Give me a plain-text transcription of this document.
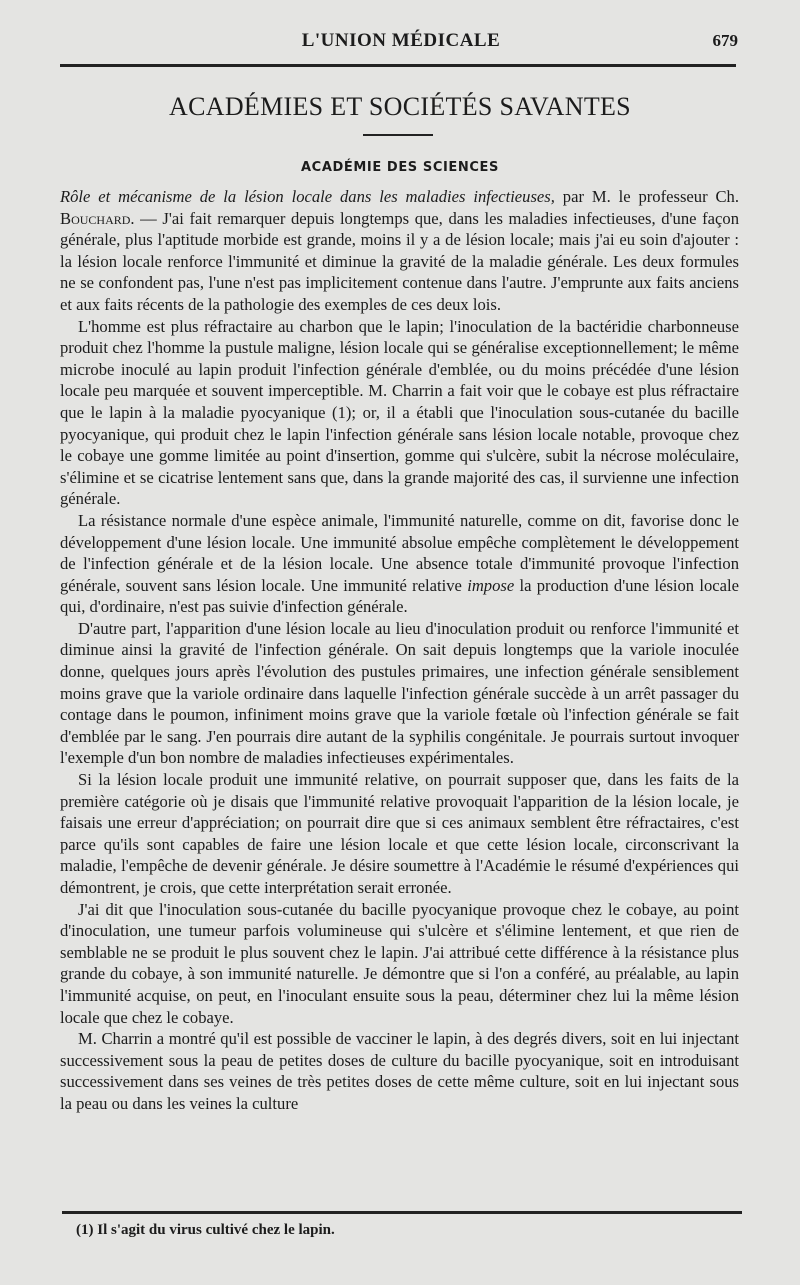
L'UNION MÉDICALE	679
ACADÉMIES ET SOCIÉTÉS SAVANTES
ACADÉMIE DES SCIENCES

Rôle et mécanisme de la lésion locale dans les maladies infectieuses, par M. le professeur Ch. Bouchard. — J'ai fait remarquer depuis longtemps que, dans les maladies infectieuses, d'une façon générale, plus l'aptitude morbide est grande, moins il y a de lésion locale; mais j'ai eu soin d'ajouter : la lésion locale renforce l'immunité et diminue la gravité de la maladie générale. Les deux formules ne se confondent pas, l'une n'est pas implicitement contenue dans l'autre. J'emprunte aux faits anciens et aux faits récents de la pathologie des exemples de ces deux lois.

L'homme est plus réfractaire au charbon que le lapin; l'inoculation de la bactéridie charbonneuse produit chez l'homme la pustule maligne, lésion locale qui se généralise exceptionnellement; le même microbe inoculé au lapin produit l'infection générale d'emblée, ou du moins précédée d'une lésion locale peu marquée et souvent imperceptible. M. Charrin a fait voir que le cobaye est plus réfractaire que le lapin à la maladie pyocyanique (1); or, il a établi que l'inoculation sous-cutanée du bacille pyocyanique, qui produit chez le lapin l'infection générale sans lésion locale notable, provoque chez le cobaye une gomme limitée au point d'insertion, gomme qui s'ulcère, subit la nécrose moléculaire, s'élimine et se cicatrise lentement sans que, dans la grande majorité des cas, il survienne une infection générale.

La résistance normale d'une espèce animale, l'immunité naturelle, comme on dit, favorise donc le développement d'une lésion locale. Une immunité absolue empêche complètement le développement de l'infection générale et de la lésion locale. Une absence totale d'immunité provoque l'infection générale, souvent sans lésion locale. Une immunité relative impose la production d'une lésion locale qui, d'ordinaire, n'est pas suivie d'infection générale.

D'autre part, l'apparition d'une lésion locale au lieu d'inoculation produit ou renforce l'immunité et diminue ainsi la gravité de l'infection générale. On sait depuis longtemps que la variole inoculée donne, quelques jours après l'évolution des pustules primaires, une infection générale sensiblement moins grave que la variole ordinaire dans laquelle l'infection générale succède à un arrêt passager du contage dans le poumon, infiniment moins grave que la variole fœtale où l'infection générale se fait d'emblée par le sang. J'en pourrais dire autant de la syphilis congénitale. Je pourrais surtout invoquer l'exemple d'un bon nombre de maladies infectieuses expérimentales.

Si la lésion locale produit une immunité relative, on pourrait supposer que, dans les faits de la première catégorie où je disais que l'immunité relative provoquait l'apparition de la lésion locale, je faisais une erreur d'appréciation; on pourrait dire que si ces animaux semblent être réfractaires, c'est parce qu'ils sont capables de faire une lésion locale et que cette lésion locale, circonscrivant la maladie, l'empêche de devenir générale. Je désire soumettre à l'Académie le résumé d'expériences qui démontrent, je crois, que cette interprétation serait erronée.

J'ai dit que l'inoculation sous-cutanée du bacille pyocyanique provoque chez le cobaye, au point d'inoculation, une tumeur parfois volumineuse qui s'ulcère et s'élimine lentement, et que rien de semblable ne se produit le plus souvent chez le lapin. J'ai attribué cette différence à la résistance plus grande du cobaye, à son immunité naturelle. Je démontre que si l'on a conféré, au préalable, au lapin l'immunité acquise, on peut, en l'inoculant ensuite sous la peau, déterminer chez lui la même lésion locale que chez le cobaye.

M. Charrin a montré qu'il est possible de vacciner le lapin, à des degrés divers, soit en lui injectant successivement sous la peau de petites doses de culture du bacille pyocyanique, soit en introduisant successivement dans ses veines de très petites doses de cette même culture, soit en lui injectant sous la peau ou dans les veines la culture

(1) Il s'agit du virus cultivé chez le lapin.
